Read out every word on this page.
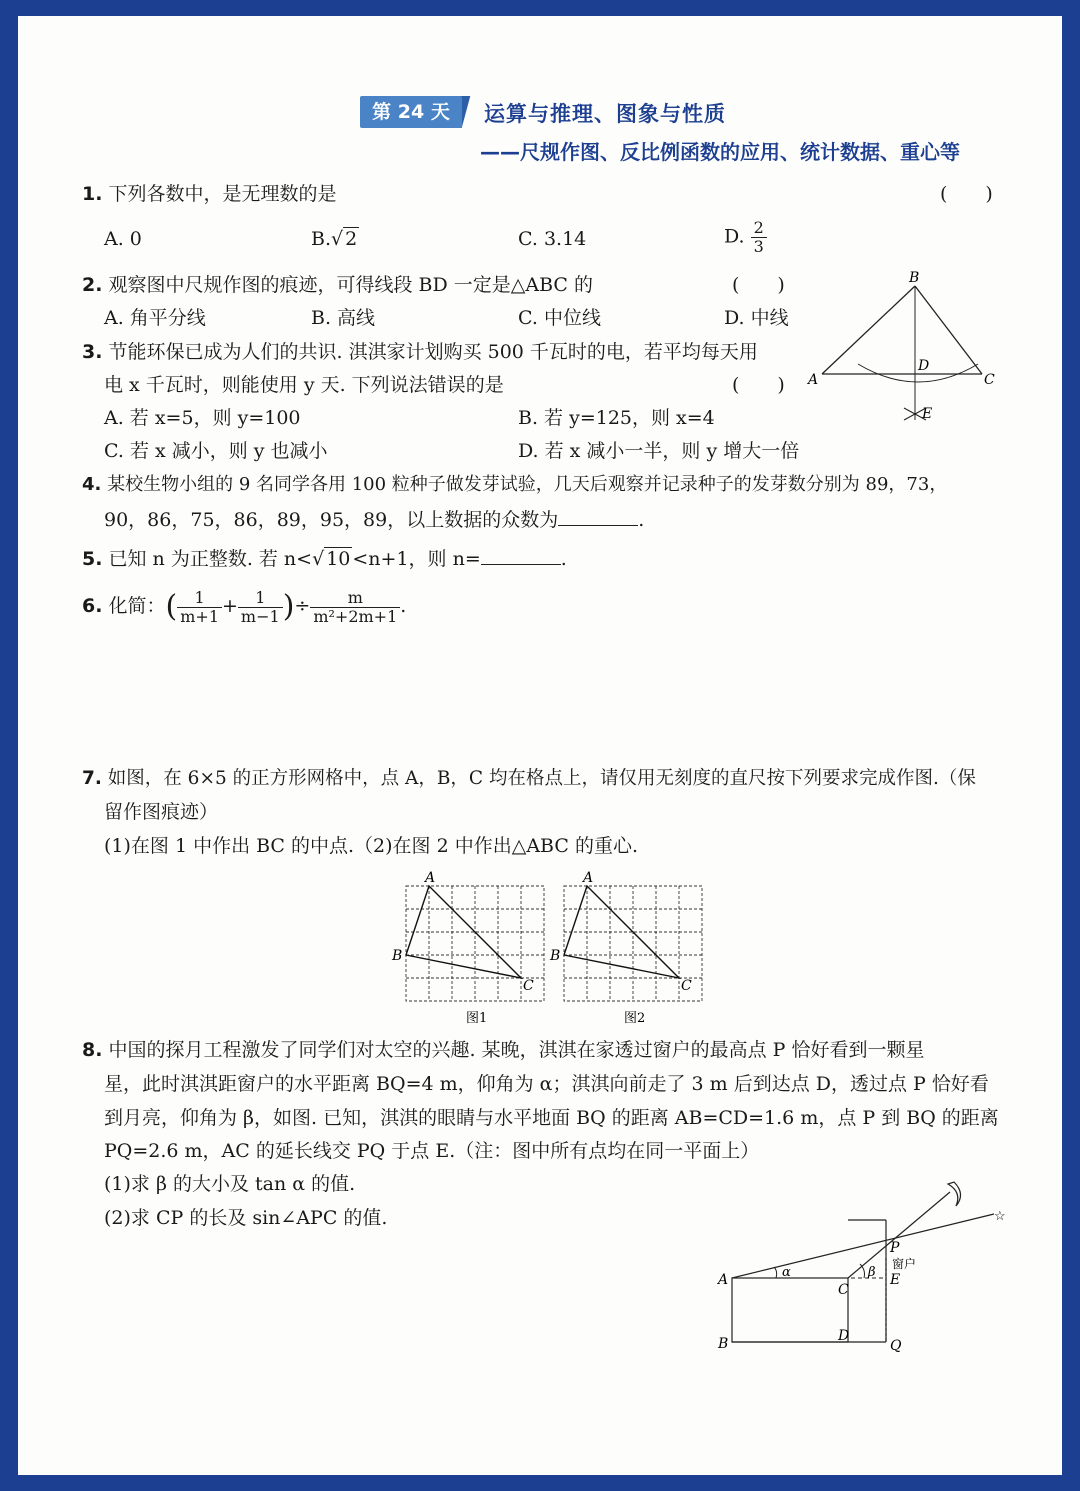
第 24 天	运算与推理、图象与性质
——尺规作图、反比例函数的应用、统计数据、重心等
1. 下列各数中，是无理数的是	(　　)
A. 0	B.√ 2	C. 3.14	D. $\frac{2}{3}$
2. 观察图中尺规作图的痕迹，可得线段 BD 一定是△ABC 的	(　　)
A. 角平分线	B. 高线	C. 中位线	D. 中线
B
A	C
D
E
3. 节能环保已成为人们的共识. 淇淇家计划购买 500 千瓦时的电，若平均每天用
电 x 千瓦时，则能使用 y 天. 下列说法错误的是	(　　)
A. 若 x=5，则 y=100	B. 若 y=125，则 x=4
C. 若 x 减小，则 y 也减小	D. 若 x 减小一半，则 y 增大一倍
4. 某校生物小组的 9 名同学各用 100 粒种子做发芽试验，几天后观察并记录种子的发芽数分别为 89，73，
90，86，75，86，89，95，89，以上数据的众数为	.
5. 已知 n 为正整数. 若 n<√ 10 <n+1，则 n=	.
6. 化简：( $\frac{1}{m+1} + \frac{1}{m-1}$ )÷ $\frac{m}{\text{m²+2m+1}}$ .
7. 如图，在 6×5 的正方形网格中，点 A，B，C 均在格点上，请仅用无刻度的直尺按下列要求完成作图.（保
留作图痕迹）
(1)在图 1 中作出 BC 的中点.（2)在图 2 中作出△ABC 的重心.
A
B
C
A
B
C
图1	图2
8. 中国的探月工程激发了同学们对太空的兴趣. 某晚，淇淇在家透过窗户的最高点 P 恰好看到一颗星
星，此时淇淇距窗户的水平距离 BQ=4 m，仰角为 α；淇淇向前走了 3 m 后到达点 D，透过点 P 恰好看
到月亮，仰角为 β，如图. 已知，淇淇的眼睛与水平地面 BQ 的距离 AB=CD=1.6 m，点 P 到 BQ 的距离
PQ=2.6 m，AC 的延长线交 PQ 于点 E.（注：图中所有点均在同一平面上）
(1)求 β 的大小及 tan α 的值.
(2)求 CP 的长及 sin∠APC 的值.	☆
A
B
C
D
E
P
Q
窗户
α	β
